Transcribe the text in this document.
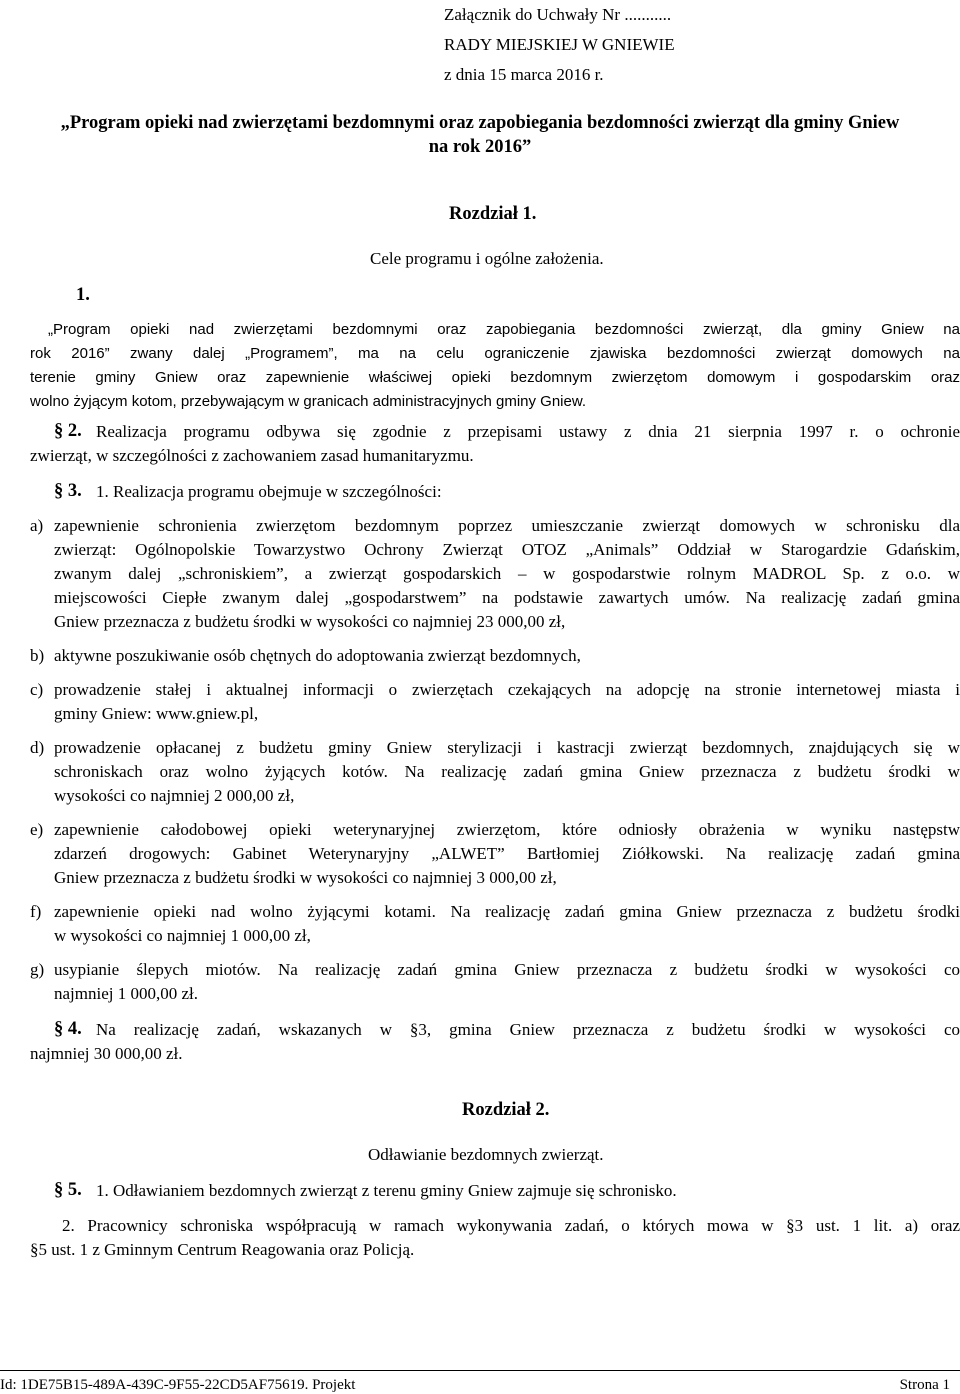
Załącznik do Uchwały Nr ...........
RADY MIEJSKIEJ W GNIEWIE
z dnia 15 marca 2016 r.
„Program opieki nad zwierzętami bezdomnymi oraz zapobiegania bezdomności zwierząt dla gminy Gniew
na rok 2016”
Rozdział 1.
Cele programu i ogólne założenia.
1.
„Program opieki nad zwierzętami bezdomnymi oraz zapobiegania bezdomności zwierząt, dla gminy Gniew na
rok 2016” zwany dalej „Programem”, ma na celu ograniczenie zjawiska bezdomności zwierząt domowych na
terenie gminy Gniew oraz zapewnienie właściwej opieki bezdomnym zwierzętom domowym i gospodarskim oraz
wolno żyjącym kotom, przebywającym w granicach administracyjnych gminy Gniew.
§ 2. Realizacja programu odbywa się zgodnie z przepisami ustawy z dnia 21 sierpnia 1997 r. o ochronie
zwierząt, w szczególności z zachowaniem zasad humanitaryzmu.
§ 3. 1. Realizacja programu obejmuje w szczególności:
a) zapewnienie schronienia zwierzętom bezdomnym poprzez umieszczanie zwierząt domowych w schronisku dla
zwierząt: Ogólnopolskie Towarzystwo Ochrony Zwierząt OTOZ „Animals” Oddział w Starogardzie Gdańskim,
zwanym dalej „schroniskiem”, a zwierząt gospodarskich – w gospodarstwie rolnym MADROL Sp. z o.o. w
miejscowości Ciepłe zwanym dalej „gospodarstwem” na podstawie zawartych umów. Na realizację zadań gmina
Gniew przeznacza z budżetu środki w wysokości co najmniej 23 000,00 zł,
b) aktywne poszukiwanie osób chętnych do adoptowania zwierząt bezdomnych,
c) prowadzenie stałej i aktualnej informacji o zwierzętach czekających na adopcję na stronie internetowej miasta i
gminy Gniew: www.gniew.pl,
d) prowadzenie opłacanej z budżetu gminy Gniew sterylizacji i kastracji zwierząt bezdomnych, znajdujących się w
schroniskach oraz wolno żyjących kotów. Na realizację zadań gmina Gniew przeznacza z budżetu środki w
wysokości co najmniej 2 000,00 zł,
e) zapewnienie całodobowej opieki weterynaryjnej zwierzętom, które odniosły obrażenia w wyniku następstw
zdarzeń drogowych: Gabinet Weterynaryjny „ALWET” Bartłomiej Ziółkowski. Na realizację zadań gmina
Gniew przeznacza z budżetu środki w wysokości co najmniej 3 000,00 zł,
f) zapewnienie opieki nad wolno żyjącymi kotami. Na realizację zadań gmina Gniew przeznacza z budżetu środki
w wysokości co najmniej 1 000,00 zł,
g) usypianie ślepych miotów. Na realizację zadań gmina Gniew przeznacza z budżetu środki w wysokości co
najmniej 1 000,00 zł.
§ 4. Na realizację zadań, wskazanych w §3, gmina Gniew przeznacza z budżetu środki w wysokości co
najmniej 30 000,00 zł.
Rozdział 2.
Odławianie bezdomnych zwierząt.
§ 5. 1. Odławianiem bezdomnych zwierząt z terenu gminy Gniew zajmuje się schronisko.
2. Pracownicy schroniska współpracują w ramach wykonywania zadań, o których mowa w §3 ust. 1 lit. a) oraz
§5 ust. 1 z Gminnym Centrum Reagowania oraz Policją.
Id: 1DE75B15-489A-439C-9F55-22CD5AF75619. Projekt	Strona 1
